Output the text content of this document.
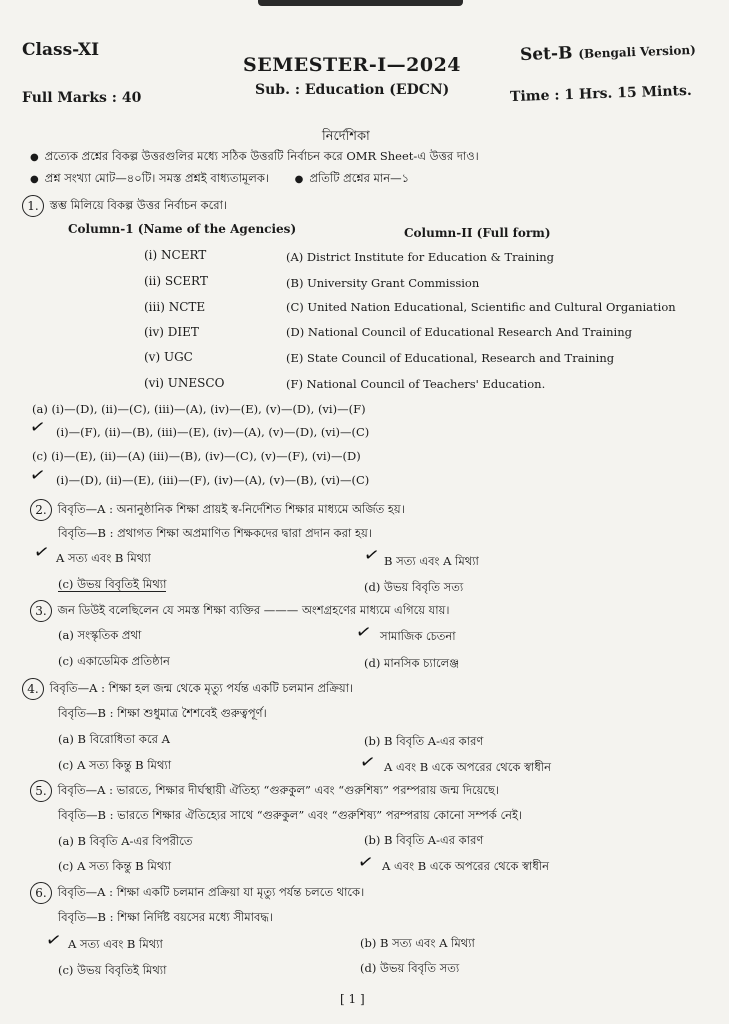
Class-XI
Full Marks : 40
SEMESTER-I—2024
Sub. : Education (EDCN)
Set-B (Bengali Version)
Time : 1 Hrs. 15 Mints.
নির্দেশিকা
● প্রত্যেক প্রশ্নের বিকল্প উত্তরগুলির মধ্যে সঠিক উত্তরটি নির্বাচন করে OMR Sheet-এ উত্তর দাও।
● প্রশ্ন সংখ্যা মোট—৪০টি। সমস্ত প্রশ্নই বাধ্যতামূলক। ●	প্রতিটি প্রশ্নের মান—১
1. স্তম্ভ মিলিয়ে বিকল্প উত্তর নির্বাচন করো।
Column-1 (Name of the Agencies)	Column-II (Full form)
(i) NCERT
(ii) SCERT
(iii) NCTE
(iv) DIET
(v) UGC
(vi) UNESCO
(A) District Institute for Education & Training
(B) University Grant Commission
(C) United Nation Educational, Scientific and Cultural Organiation
(D) National Council of Educational Research And Training
(E) State Council of Educational, Research and Training
(F) National Council of Teachers' Education.
(a) (i)—(D), (ii)—(C), (iii)—(A), (iv)—(E), (v)—(D), (vi)—(F)
✓ (i)—(F), (ii)—(B), (iii)—(E), (iv)—(A), (v)—(D), (vi)—(C)
(c) (i)—(E), (ii)—(A) (iii)—(B), (iv)—(C), (v)—(F), (vi)—(D)
✓ (i)—(D), (ii)—(E), (iii)—(F), (iv)—(A), (v)—(B), (vi)—(C)
2. বিবৃতি—A : অনানুষ্ঠানিক শিক্ষা প্রায়ই স্ব-নির্দেশিত শিক্ষার মাধ্যমে অর্জিত হয়।
বিবৃতি—B : প্রথাগত শিক্ষা অপ্রমাণিত শিক্ষকদের দ্বারা প্রদান করা হয়।
✓ A সত্য এবং B মিথ্যা	✓ B সত্য এবং A মিথ্যা
(c) উভয় বিবৃতিই মিথ্যা	(d) উভয় বিবৃতি সত্য
3. জন ডিউই বলেছিলেন যে সমস্ত শিক্ষা ব্যক্তির ——— অংশগ্রহণের মাধ্যমে এগিয়ে যায়।
(a) সংস্কৃতিক প্রথা	✓ সামাজিক চেতনা
(c) একাডেমিক প্রতিষ্ঠান	(d) মানসিক চ্যালেঞ্জ
4. বিবৃতি—A : শিক্ষা হল জন্ম থেকে মৃত্যু পর্যন্ত একটি চলমান প্রক্রিয়া।
বিবৃতি—B : শিক্ষা শুধুমাত্র শৈশবেই গুরুত্বপূর্ণ।
(a) B বিরোধিতা করে A	(b) B বিবৃতি A-এর কারণ
(c) A সত্য কিন্তু B মিথ্যা	✓ A এবং B একে অপরের থেকে স্বাধীন
5. বিবৃতি—A : ভারতে, শিক্ষার দীর্ঘস্থায়ী ঐতিহ্য “গুরুকুল” এবং “গুরুশিষ্য” পরম্পরায় জন্ম দিয়েছে।
বিবৃতি—B : ভারতে শিক্ষার ঐতিহ্যের সাথে “গুরুকুল” এবং “গুরুশিষ্য” পরম্পরায় কোনো সম্পর্ক নেই।
(a) B বিবৃতি A-এর বিপরীতে	(b) B বিবৃতি A-এর কারণ
(c) A সত্য কিন্তু B মিথ্যা	✓ A এবং B একে অপরের থেকে স্বাধীন
6. বিবৃতি—A : শিক্ষা একটি চলমান প্রক্রিয়া যা মৃত্যু পর্যন্ত চলতে থাকে।
বিবৃতি—B : শিক্ষা নির্দিষ্ট বয়সের মধ্যে সীমাবদ্ধ।
✓ A সত্য এবং B মিথ্যা	(b) B সত্য এবং A মিথ্যা
(c) উভয় বিবৃতিই মিথ্যা	(d) উভয় বিবৃতি সত্য
[ 1 ]
